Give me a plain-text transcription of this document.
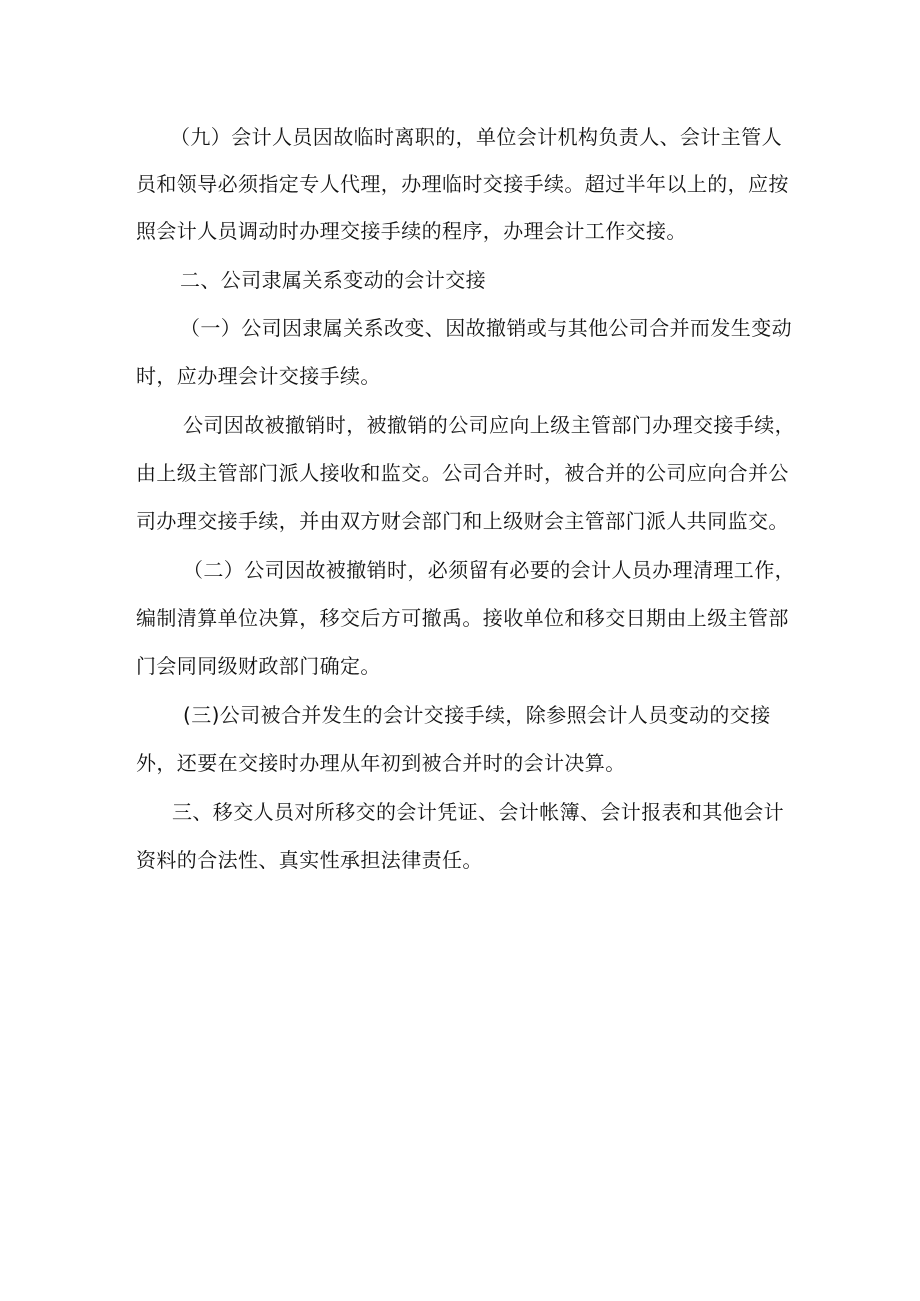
（九）会计人员因故临时离职的，单位会计机构负责人、会计主管人
员和领导必须指定专人代理，办理临时交接手续。超过半年以上的，应按
照会计人员调动时办理交接手续的程序，办理会计工作交接。
二、公司隶属关系变动的会计交接
（一）公司因隶属关系改变、因故撤销或与其他公司合并而发生变动
时，应办理会计交接手续。
公司因故被撤销时，被撤销的公司应向上级主管部门办理交接手续，
由上级主管部门派人接收和监交。公司合并时，被合并的公司应向合并公
司办理交接手续，并由双方财会部门和上级财会主管部门派人共同监交。
（二）公司因故被撤销时，必须留有必要的会计人员办理清理工作，
编制清算单位决算，移交后方可撤禹。接收单位和移交日期由上级主管部
门会同同级财政部门确定。
(三)公司被合并发生的会计交接手续，除参照会计人员变动的交接
外，还要在交接时办理从年初到被合并时的会计决算。
三、移交人员对所移交的会计凭证、会计帐簿、会计报表和其他会计
资料的合法性、真实性承担法律责任。
